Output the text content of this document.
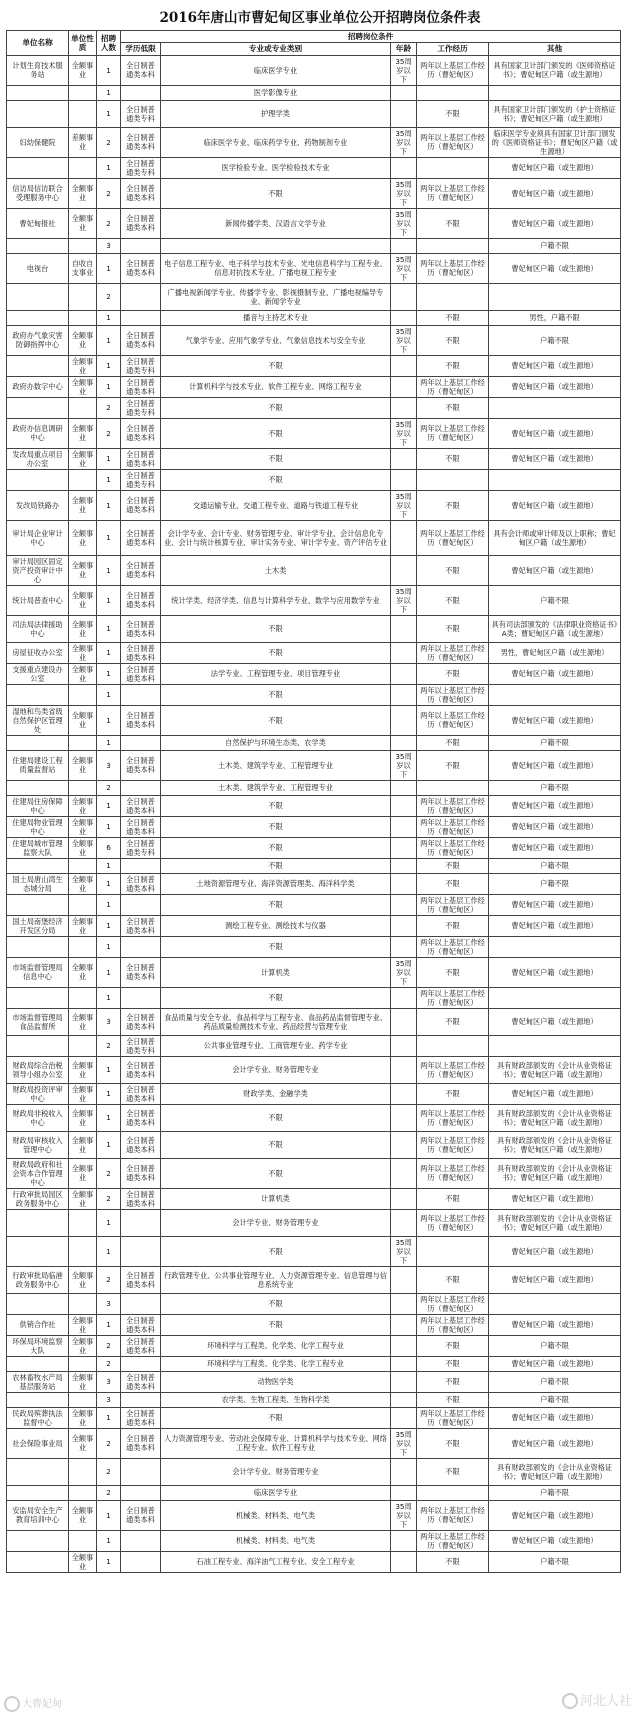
2016年唐山市曹妃甸区事业单位公开招聘岗位条件表
单位名称	单位性质	招聘人数	招聘岗位条件				
			学历低限	专业或专业类别	年龄	工作经历	其他
计划生育技术服务站	全额事业	1	全日制普通类本科	临床医学专业	35周岁以下	两年以上基层工作经历（曹妃甸区）	具有国家卫计部门颁发的《医师资格证书》；曹妃甸区户籍（或生源地）
		1		医学影像专业			
		1	全日制普通类专科	护理学类		不限	具有国家卫计部门颁发的《护士资格证书》；曹妃甸区户籍（或生源地）
妇幼保健院	差额事业	2	全日制普通类本科	临床医学专业、临床药学专业、药物制剂专业	35周岁以下	两年以上基层工作经历（曹妃甸区）	临床医学专业须具有国家卫计部门颁发的《医师资格证书》；曹妃甸区户籍（或生源地）
		1	全日制普通类专科	医学检验专业、医学检验技术专业			曹妃甸区户籍（或生源地）
信访局信访联合受理服务中心	全额事业	2	全日制普通类本科	不限	35周岁以下	两年以上基层工作经历（曹妃甸区）	曹妃甸区户籍（或生源地）
曹妃甸报社	全额事业	2	全日制普通类本科	新闻传播学类、汉语言文学专业	35周岁以下	不限	曹妃甸区户籍（或生源地）
		3					户籍不限
电视台	自收自支事业	1	全日制普通类本科	电子信息工程专业、电子科学与技术专业、光电信息科学与工程专业、信息对抗技术专业、广播电视工程专业	35周岁以下	两年以上基层工作经历（曹妃甸区）	曹妃甸区户籍（或生源地）
		2		广播电视新闻学专业、传播学专业、影视摄制专业、广播电视编导专业、新闻学专业			
		1		播音与主持艺术专业		不限	男性，户籍不限
政府办气象灾害防御指挥中心	全额事业	1	全日制普通类本科	气象学专业、应用气象学专业、气象信息技术与安全专业	35周岁以下	不限	户籍不限
	全额事业	1	全日制普通类专科	不限		不限	曹妃甸区户籍（或生源地）
政府办数字中心	全额事业	1	全日制普通类本科	计算机科学与技术专业、软件工程专业、网络工程专业		两年以上基层工作经历（曹妃甸区）	曹妃甸区户籍（或生源地）
		2	全日制普通类专科	不限		不限	
政府办信息调研中心	全额事业	2	全日制普通类本科	不限	35周岁以下	两年以上基层工作经历（曹妃甸区）	曹妃甸区户籍（或生源地）
发改局重点项目办公室	全额事业	1	全日制普通类本科	不限		不限	曹妃甸区户籍（或生源地）
		1	全日制普通类专科	不限			
发改局铁路办	全额事业	1	全日制普通类本科	交通运输专业、交通工程专业、道路与铁道工程专业	35周岁以下	不限	曹妃甸区户籍（或生源地）
审计局企业审计中心	全额事业	1	全日制普通类本科	会计学专业、会计专业、财务管理专业、审计学专业、会计信息化专业、会计与统计核算专业、审计实务专业、审计学专业、资产评估专业		两年以上基层工作经历（曹妃甸区）	具有会计师或审计师及以上职称；曹妃甸区户籍（或生源地）
审计局园区固定资产投资审计中心	全额事业	1	全日制普通类本科	土木类		不限	曹妃甸区户籍（或生源地）
统计局普查中心	全额事业	1	全日制普通类本科	统计学类、经济学类、信息与计算科学专业、数学与应用数学专业	35周岁以下	不限	户籍不限
司法局法律援助中心	全额事业	1	全日制普通类本科	不限		不限	具有司法部颁发的《法律职业资格证书》A类；曹妃甸区户籍（或生源地）
房屋征收办公室	全额事业	1	全日制普通类本科	不限		两年以上基层工作经历（曹妃甸区）	男性，曹妃甸区户籍（或生源地）
支援重点建设办公室	全额事业	1	全日制普通类本科	法学专业、工程管理专业、项目管理专业		不限	曹妃甸区户籍（或生源地）
		1		不限		两年以上基层工作经历（曹妃甸区）	
湿地和鸟类省级自然保护区管理处	全额事业	1	全日制普通类本科	不限		两年以上基层工作经历（曹妃甸区）	曹妃甸区户籍（或生源地）
		1		自然保护与环境生态类、农学类		不限	户籍不限
住建局建设工程质量监督站	全额事业	3	全日制普通类本科	土木类、建筑学专业、工程管理专业	35周岁以下	不限	曹妃甸区户籍（或生源地）
		2		土木类、建筑学专业、工程管理专业			户籍不限
住建局住房保障中心	全额事业	1	全日制普通类本科	不限		两年以上基层工作经历（曹妃甸区）	曹妃甸区户籍（或生源地）
住建局物业管理中心	全额事业	1	全日制普通类本科	不限		两年以上基层工作经历（曹妃甸区）	曹妃甸区户籍（或生源地）
住建局城市管理监察大队	全额事业	6	全日制普通类专科	不限		两年以上基层工作经历（曹妃甸区）	曹妃甸区户籍（或生源地）
		1		不限		不限	户籍不限
国土局唐山湾生态城分局	全额事业	1	全日制普通类本科	土地资源管理专业、海洋资源管理类、海洋科学类		不限	户籍不限
		1		不限		两年以上基层工作经历（曹妃甸区）	曹妃甸区户籍（或生源地）
国土局南堡经济开发区分局	全额事业	1	全日制普通类本科	测绘工程专业、测绘技术与仪器		不限	曹妃甸区户籍（或生源地）
		1		不限		两年以上基层工作经历（曹妃甸区）	
市场监督管理局信息中心	全额事业	1	全日制普通类本科	计算机类	35周岁以下	不限	曹妃甸区户籍（或生源地）
		1		不限		两年以上基层工作经历（曹妃甸区）	
市场监督管理局食品监督所	全额事业	3	全日制普通类本科	食品质量与安全专业、食品科学与工程专业、食品药品监督管理专业、药品质量检测技术专业、药品经营与管理专业		不限	曹妃甸区户籍（或生源地）
		2	全日制普通类专科	公共事业管理专业、工商管理专业、药学专业			
财政局综合治税领导小组办公室	全额事业	1	全日制普通类本科	会计学专业、财务管理专业		两年以上基层工作经历（曹妃甸区）	具有财政部颁发的《会计从业资格证书》；曹妃甸区户籍（或生源地）
财政局投资评审中心	全额事业	1	全日制普通类本科	财政学类、金融学类		不限	曹妃甸区户籍（或生源地）
财政局非税收入中心	全额事业	1	全日制普通类本科	不限		两年以上基层工作经历（曹妃甸区）	具有财政部颁发的《会计从业资格证书》；曹妃甸区户籍（或生源地）
财政局审核收入管理中心	全额事业	1	全日制普通类本科	不限		两年以上基层工作经历（曹妃甸区）	具有财政部颁发的《会计从业资格证书》；曹妃甸区户籍（或生源地）
财政局政府和社会资本合作管理中心	全额事业	2	全日制普通类本科	不限		两年以上基层工作经历（曹妃甸区）	具有财政部颁发的《会计从业资格证书》；曹妃甸区户籍（或生源地）
行政审批局园区政务服务中心	全额事业	2	全日制普通类本科	计算机类		不限	曹妃甸区户籍（或生源地）
		1		会计学专业、财务管理专业		两年以上基层工作经历（曹妃甸区）	具有财政部颁发的《会计从业资格证书》；曹妃甸区户籍（或生源地）
		1		不限	35周岁以下		曹妃甸区户籍（或生源地）
行政审批局临港政务服务中心	全额事业	2	全日制普通类本科	行政管理专业、公共事业管理专业、人力资源管理专业、信息管理与信息系统专业		不限	曹妃甸区户籍（或生源地）
		3		不限		两年以上基层工作经历（曹妃甸区）	
供销合作社	全额事业	1	全日制普通类本科	不限		两年以上基层工作经历（曹妃甸区）	曹妃甸区户籍（或生源地）
环保局环境监察大队	全额事业	2	全日制普通类本科	环境科学与工程类、化学类、化学工程专业		不限	户籍不限
		2		环境科学与工程类、化学类、化学工程专业		不限	曹妃甸区户籍（或生源地）
农林畜牧水产局基层服务站	全额事业	3	全日制普通类本科	动物医学类		不限	户籍不限
		3		农学类、生物工程类、生物科学类		不限	户籍不限
民政局殡葬执法监督中心	全额事业	1	全日制普通类本科	不限		两年以上基层工作经历（曹妃甸区）	曹妃甸区户籍（或生源地）
社会保险事业局	全额事业	2	全日制普通类本科	人力资源管理专业、劳动社会保障专业、计算机科学与技术专业、网络工程专业、软件工程专业	35周岁以下	不限	曹妃甸区户籍（或生源地）
		2		会计学专业、财务管理专业		不限	具有财政部颁发的《会计从业资格证书》；曹妃甸区户籍（或生源地）
		2		临床医学专业			户籍不限
安监局安全生产教育培训中心	全额事业	1	全日制普通类本科	机械类、材料类、电气类	35周岁以下	两年以上基层工作经历（曹妃甸区）	曹妃甸区户籍（或生源地）
		1		机械类、材料类、电气类		两年以上基层工作经历（曹妃甸区）	曹妃甸区户籍（或生源地）
	全额事业	1		石油工程专业、海洋油气工程专业、安全工程专业		不限	户籍不限
大曹妃甸	河北人社
